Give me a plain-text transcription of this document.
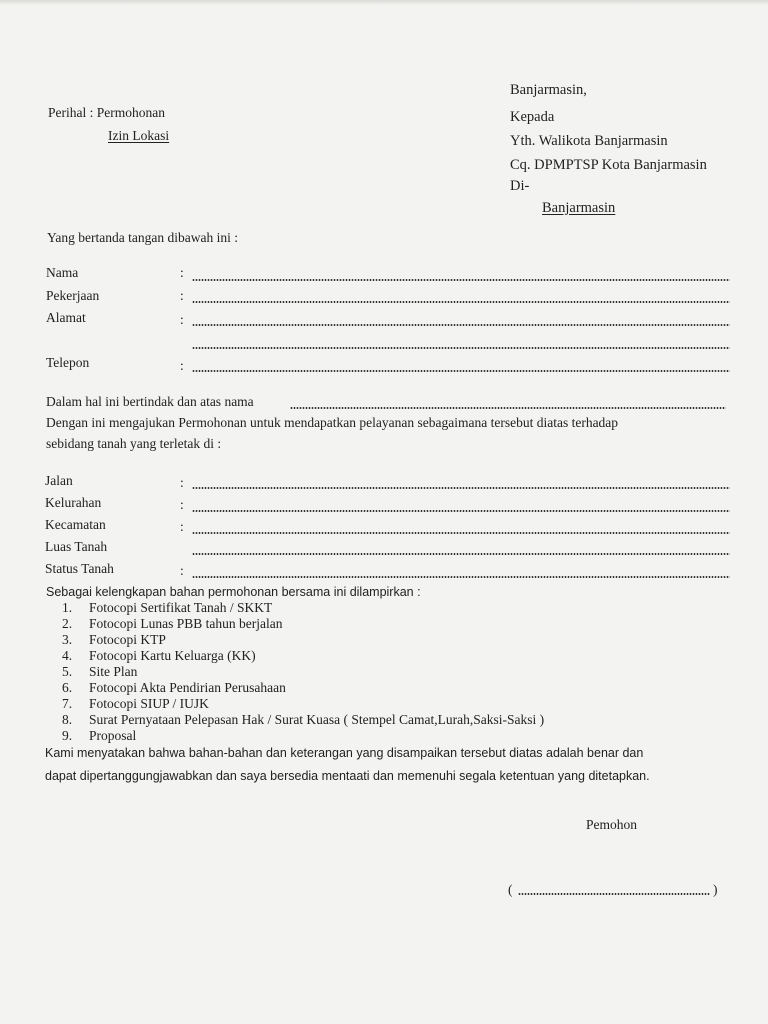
Banjarmasin,
Kepada
Yth. Walikota Banjarmasin
Cq. DPMPTSP Kota Banjarmasin
Di-
Banjarmasin
Perihal : Permohonan
Izin Lokasi
Yang bertanda tangan dibawah ini :
Nama	:
Pekerjaan	:
Alamat	:
Telepon	:
Dalam hal ini bertindak dan atas nama
Dengan ini mengajukan Permohonan untuk mendapatkan pelayanan sebagaimana tersebut diatas terhadap
sebidang tanah yang terletak di :
Jalan	:
Kelurahan	:
Kecamatan	:
Luas Tanah
Status Tanah	:
Sebagai kelengkapan bahan permohonan bersama ini dilampirkan :
1. Fotocopi Sertifikat Tanah / SKKT
2. Fotocopi Lunas PBB tahun berjalan
3. Fotocopi KTP
4. Fotocopi Kartu Keluarga (KK)
5. Site Plan
6. Fotocopi Akta Pendirian Perusahaan
7. Fotocopi SIUP / IUJK
8. Surat Pernyataan Pelepasan Hak / Surat Kuasa ( Stempel Camat,Lurah,Saksi-Saksi )
9. Proposal
Kami menyatakan bahwa bahan-bahan dan keterangan yang disampaikan tersebut diatas adalah benar dan
dapat dipertanggungjawabkan dan saya bersedia mentaati dan memenuhi segala ketentuan yang ditetapkan.
Pemohon
(	)
